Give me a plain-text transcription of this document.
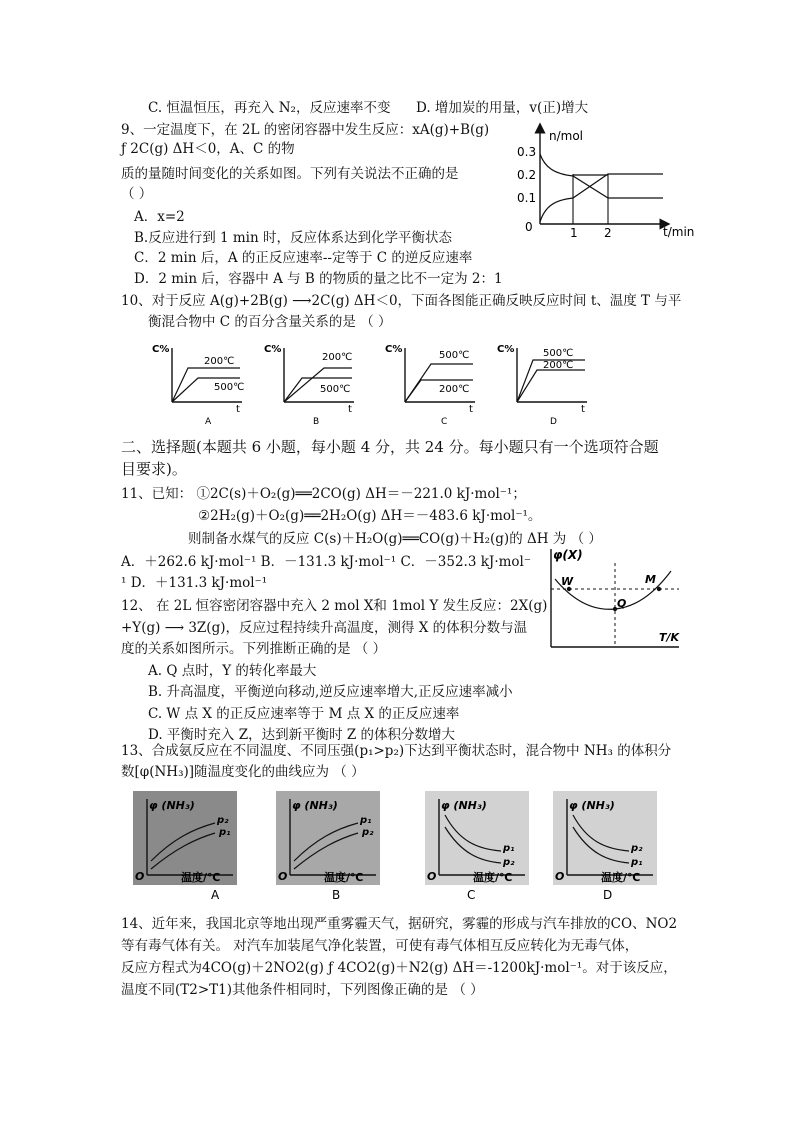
C. 恒温恒压，再充入 N₂，反应速率不变 D. 增加炭的用量，v(正)增大
9、一定温度下，在 2L 的密闭容器中发生反应：xA(g)+B(g)
ƒ 2C(g) ΔH＜0，A、C 的物
质的量随时间变化的关系如图。下列有关说法不正确的是
（ ）
A．x=2
B.反应进行到 1 min 时，反应体系达到化学平衡状态
C．2 min 后，A 的正反应速率--定等于 C 的逆反应速率
D．2 min 后，容器中 A 与 B 的物质的量之比不一定为 2：1
n/mol
t/min
0
0.3
0.2
0.1
1 2
10、对于反应 A(g)+2B(g) ⟶2C(g) ΔH＜0，下面各图能正确反映反应时间 t、温度 T 与平
衡混合物中 C 的百分含量关系的是 （ ）
C%
t
200℃
500℃
A
C%
t
200℃
500℃
B
C%
t
500℃
200℃
C
C%
t
500℃
200℃
D
二、选择题(本题共 6 小题，每小题 4 分，共 24 分。每小题只有一个选项符合题
目要求)。
11、已知： ①2C(s)＋O₂(g)══2CO(g) ΔH＝－221.0 kJ·mol⁻¹；
②2H₂(g)＋O₂(g)══2H₂O(g) ΔH＝－483.6 kJ·mol⁻¹。
则制备水煤气的反应 C(s)＋H₂O(g)══CO(g)＋H₂(g)的 ΔH 为 （ ）
A．＋262.6 kJ·mol⁻¹ B．－131.3 kJ·mol⁻¹ C．－352.3 kJ·mol⁻
¹ D．＋131.3 kJ·mol⁻¹
φ(X)
T/K
W
Q
M
12、 在 2L 恒容密闭容器中充入 2 mol X和 1mol Y 发生反应：2X(g)
+Y(g) ⟶ 3Z(g)，反应过程持续升高温度，测得 X 的体积分数与温
度的关系如图所示。下列推断正确的是 （ ）
A. Q 点时，Y 的转化率最大
B. 升高温度，平衡逆向移动,逆反应速率增大,正反应速率减小
C. W 点 X 的正反应速率等于 M 点 X 的正反应速率
D. 平衡时充入 Z，达到新平衡时 Z 的体积分数增大
13、合成氨反应在不同温度、不同压强(p₁>p₂)下达到平衡状态时，混合物中 NH₃ 的体积分
数[φ(NH₃)]随温度变化的曲线应为 （ ）
φ (NH₃)
O	温度/℃
p₂
p₁
A
φ (NH₃)
O	温度/℃
p₁
p₂
B
φ (NH₃)
O	温度/℃
p₁
p₂
C
φ (NH₃)
O	温度/℃
p₂
p₁
D
14、近年来，我国北京等地出现严重雾霾天气，据研究，雾霾的形成与汽车排放的CO、NO2
等有毒气体有关。 对汽车加装尾气净化装置，可使有毒气体相互反应转化为无毒气体，
反应方程式为4CO(g)＋2NO2(g) ƒ 4CO2(g)＋N2(g) ΔH＝-1200kJ·mol⁻¹。对于该反应，
温度不同(T2>T1)其他条件相同时，下列图像正确的是 （ ）
